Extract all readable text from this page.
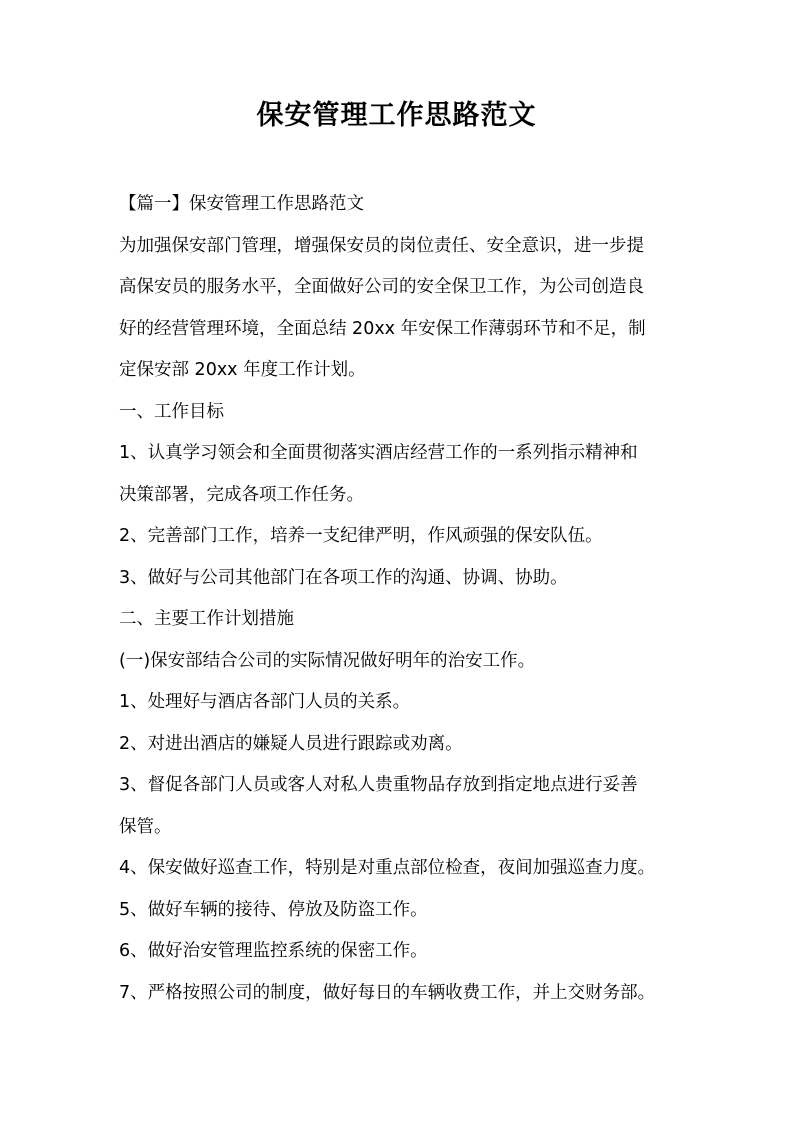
保安管理工作思路范文

【篇一】保安管理工作思路范文

为加强保安部门管理，增强保安员的岗位责任、安全意识，进一步提

高保安员的服务水平，全面做好公司的安全保卫工作，为公司创造良

好的经营管理环境，全面总结 20xx 年安保工作薄弱环节和不足，制

定保安部 20xx 年度工作计划。

一、工作目标

1、认真学习领会和全面贯彻落实酒店经营工作的一系列指示精神和

决策部署，完成各项工作任务。

2、完善部门工作，培养一支纪律严明，作风顽强的保安队伍。

3、做好与公司其他部门在各项工作的沟通、协调、协助。

二、主要工作计划措施

(一)保安部结合公司的实际情况做好明年的治安工作。

1、处理好与酒店各部门人员的关系。

2、对进出酒店的嫌疑人员进行跟踪或劝离。

3、督促各部门人员或客人对私人贵重物品存放到指定地点进行妥善

保管。

4、保安做好巡查工作，特别是对重点部位检查，夜间加强巡查力度。

5、做好车辆的接待、停放及防盗工作。

6、做好治安管理监控系统的保密工作。

7、严格按照公司的制度，做好每日的车辆收费工作，并上交财务部。
